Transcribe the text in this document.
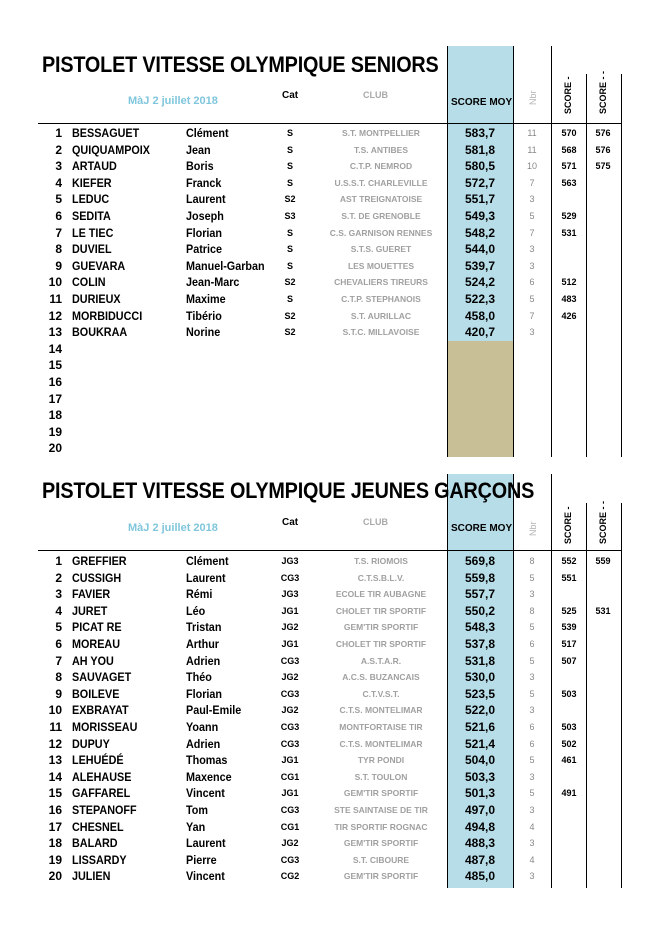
PISTOLET VITESSE OLYMPIQUE SENIORS
MàJ 2 juillet 2018	Cat	CLUB
SCORE MOY Nbr	SCORE -	SCORE - -
1 BESSAGUET	Clément	S	S.T. MONTPELLIER	583,7	11	570	576
2 QUIQUAMPOIX	Jean	S	T.S. ANTIBES	581,8	11	568	576
3 ARTAUD	Boris	S	C.T.P. NEMROD	580,5	10	571	575
4 KIEFER	Franck	S	U.S.S.T. CHARLEVILLE	572,7	7	563
5 LEDUC	Laurent	S2	AST TREIGNATOISE	551,7	3
6 SEDITA	Joseph	S3	S.T. DE GRENOBLE	549,3	5	529
7 LE TIEC	Florian	S	C.S. GARNISON RENNES	548,2	7	531
8 DUVIEL	Patrice	S	S.T.S. GUERET	544,0	3
9 GUEVARA	Manuel-Garban	S	LES MOUETTES	539,7	3
10 COLIN	Jean-Marc	S2	CHEVALIERS TIREURS	524,2	6	512
11 DURIEUX	Maxime	S	C.T.P. STEPHANOIS	522,3	5	483
12 MORBIDUCCI	Tibério	S2	S.T. AURILLAC	458,0	7	426
13 BOUKRAA	Norine	S2	S.T.C. MILLAVOISE	420,7	3
14
15
16
17
18
19
20
PISTOLET VITESSE OLYMPIQUE JEUNES GARÇONS
MàJ 2 juillet 2018	Cat	CLUB
SCORE MOY Nbr	SCORE -	SCORE - -
1 GREFFIER	Clément	JG3	T.S. RIOMOIS	569,8	8	552	559
2 CUSSIGH	Laurent	CG3	C.T.S.B.L.V.	559,8	5	551
3 FAVIER	Rémi	JG3	ECOLE TIR AUBAGNE	557,7	3
4 JURET	Léo	JG1	CHOLET TIR SPORTIF	550,2	8	525	531
5 PICAT RE	Tristan	JG2	GEM'TIR SPORTIF	548,3	5	539
6 MOREAU	Arthur	JG1	CHOLET TIR SPORTIF	537,8	6	517
7 AH YOU	Adrien	CG3	A.S.T.A.R.	531,8	5	507
8 SAUVAGET	Théo	JG2	A.C.S. BUZANCAIS	530,0	3
9 BOILEVE	Florian	CG3	C.T.V.S.T.	523,5	5	503
10 EXBRAYAT	Paul-Emile	JG2	C.T.S. MONTELIMAR	522,0	3
11 MORISSEAU	Yoann	CG3	MONTFORTAISE TIR	521,6	6	503
12 DUPUY	Adrien	CG3	C.T.S. MONTELIMAR	521,4	6	502
13 LEHUÉDÉ	Thomas	JG1	TYR PONDI	504,0	5	461
14 ALEHAUSE	Maxence	CG1	S.T. TOULON	503,3	3
15 GAFFAREL	Vincent	JG1	GEM'TIR SPORTIF	501,3	5	491
16 STEPANOFF	Tom	CG3	STE SAINTAISE DE TIR	497,0	3
17 CHESNEL	Yan	CG1	TIR SPORTIF ROGNAC	494,8	4
18 BALARD	Laurent	JG2	GEM'TIR SPORTIF	488,3	3
19 LISSARDY	Pierre	CG3	S.T. CIBOURE	487,8	4
20 JULIEN	Vincent	CG2	GEM'TIR SPORTIF	485,0	3
